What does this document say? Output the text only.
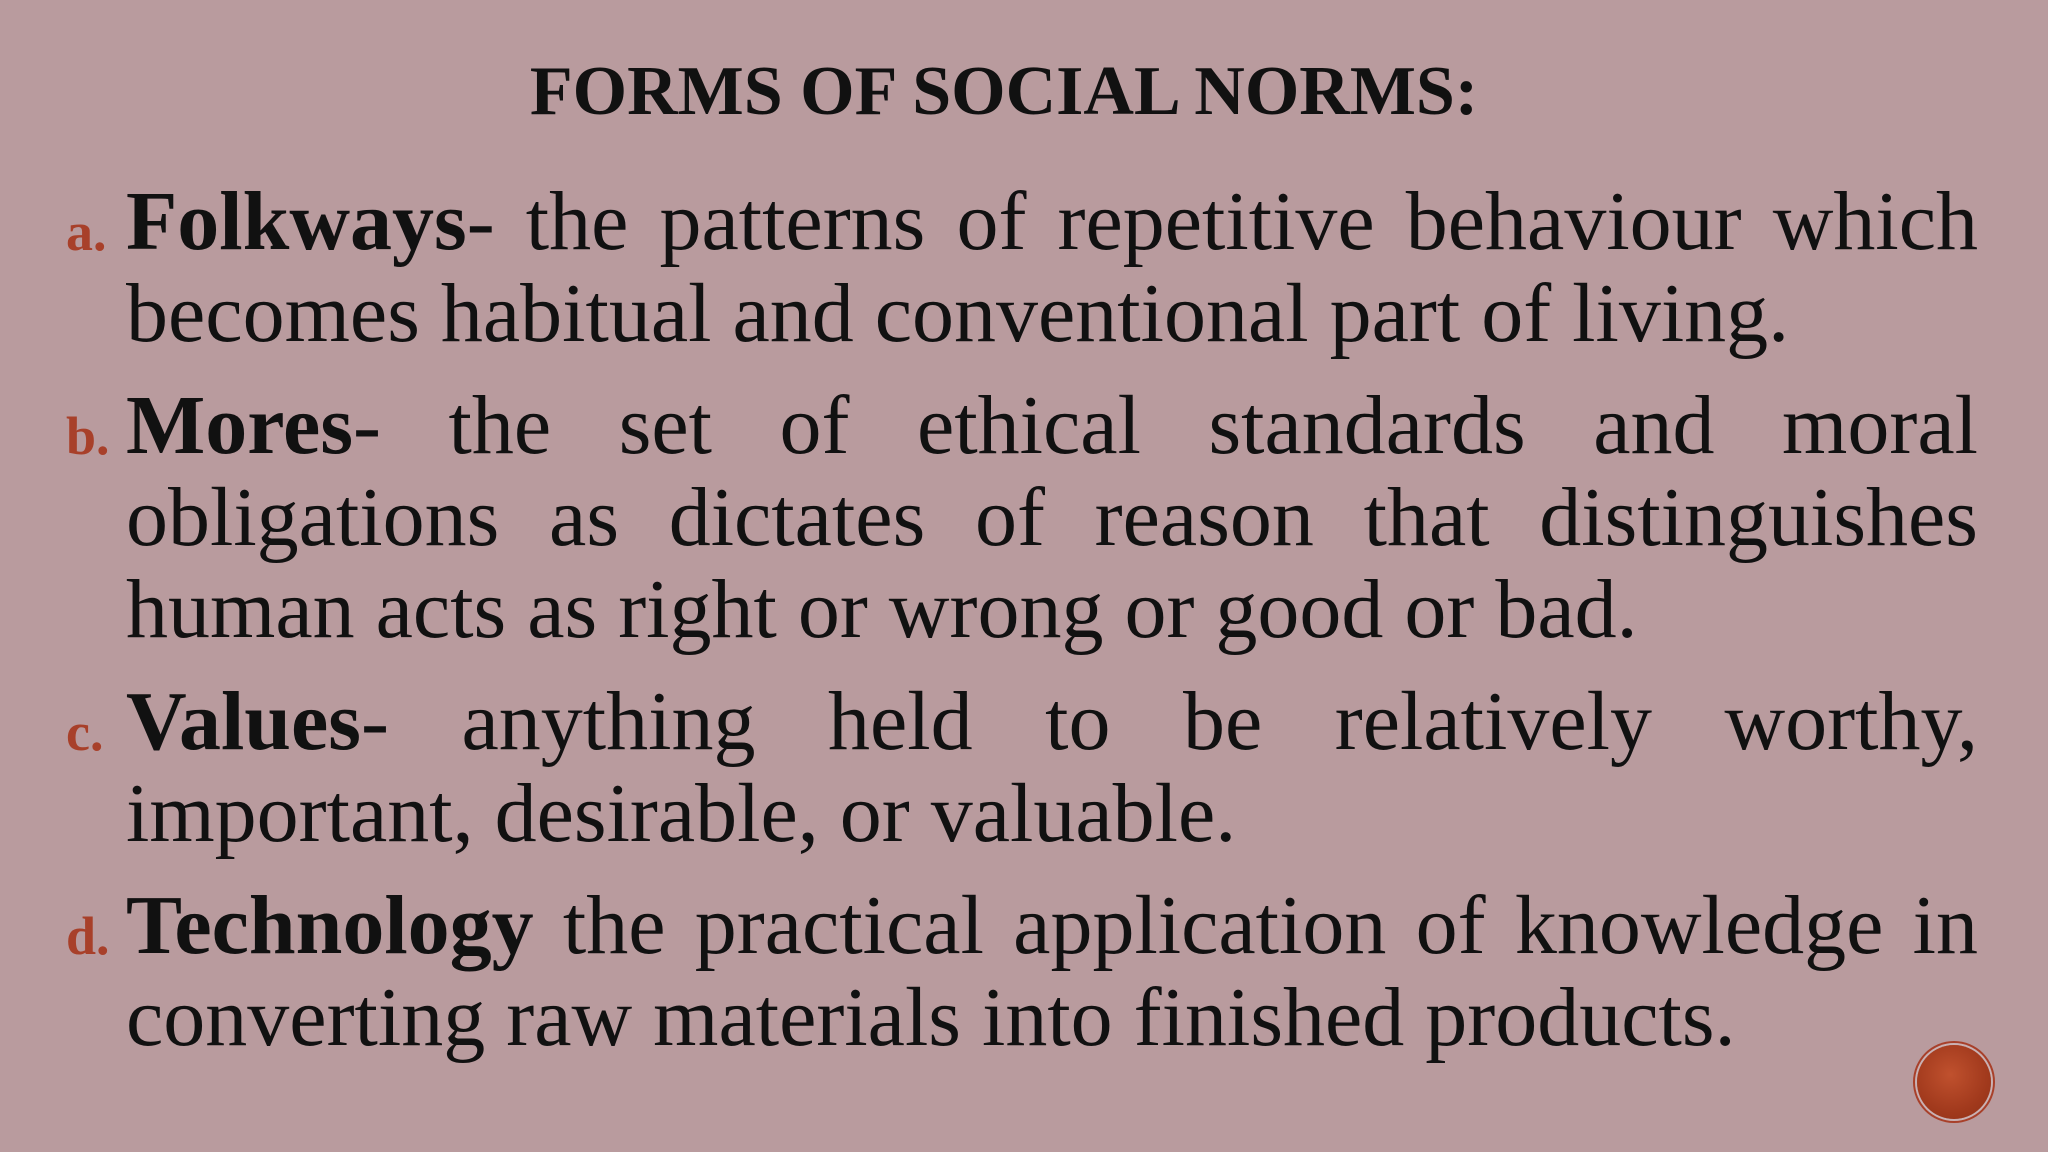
FORMS OF SOCIAL NORMS:
a. Folkways- the patterns of repetitive behaviour which becomes habitual and conventional part of living.
b. Mores- the set of ethical standards and moral obligations as dictates of reason that distinguishes human acts as right or wrong or good or bad.
c. Values- anything held to be relatively worthy, important, desirable, or valuable.
d. Technology the practical application of knowledge in converting raw materials into finished products.
